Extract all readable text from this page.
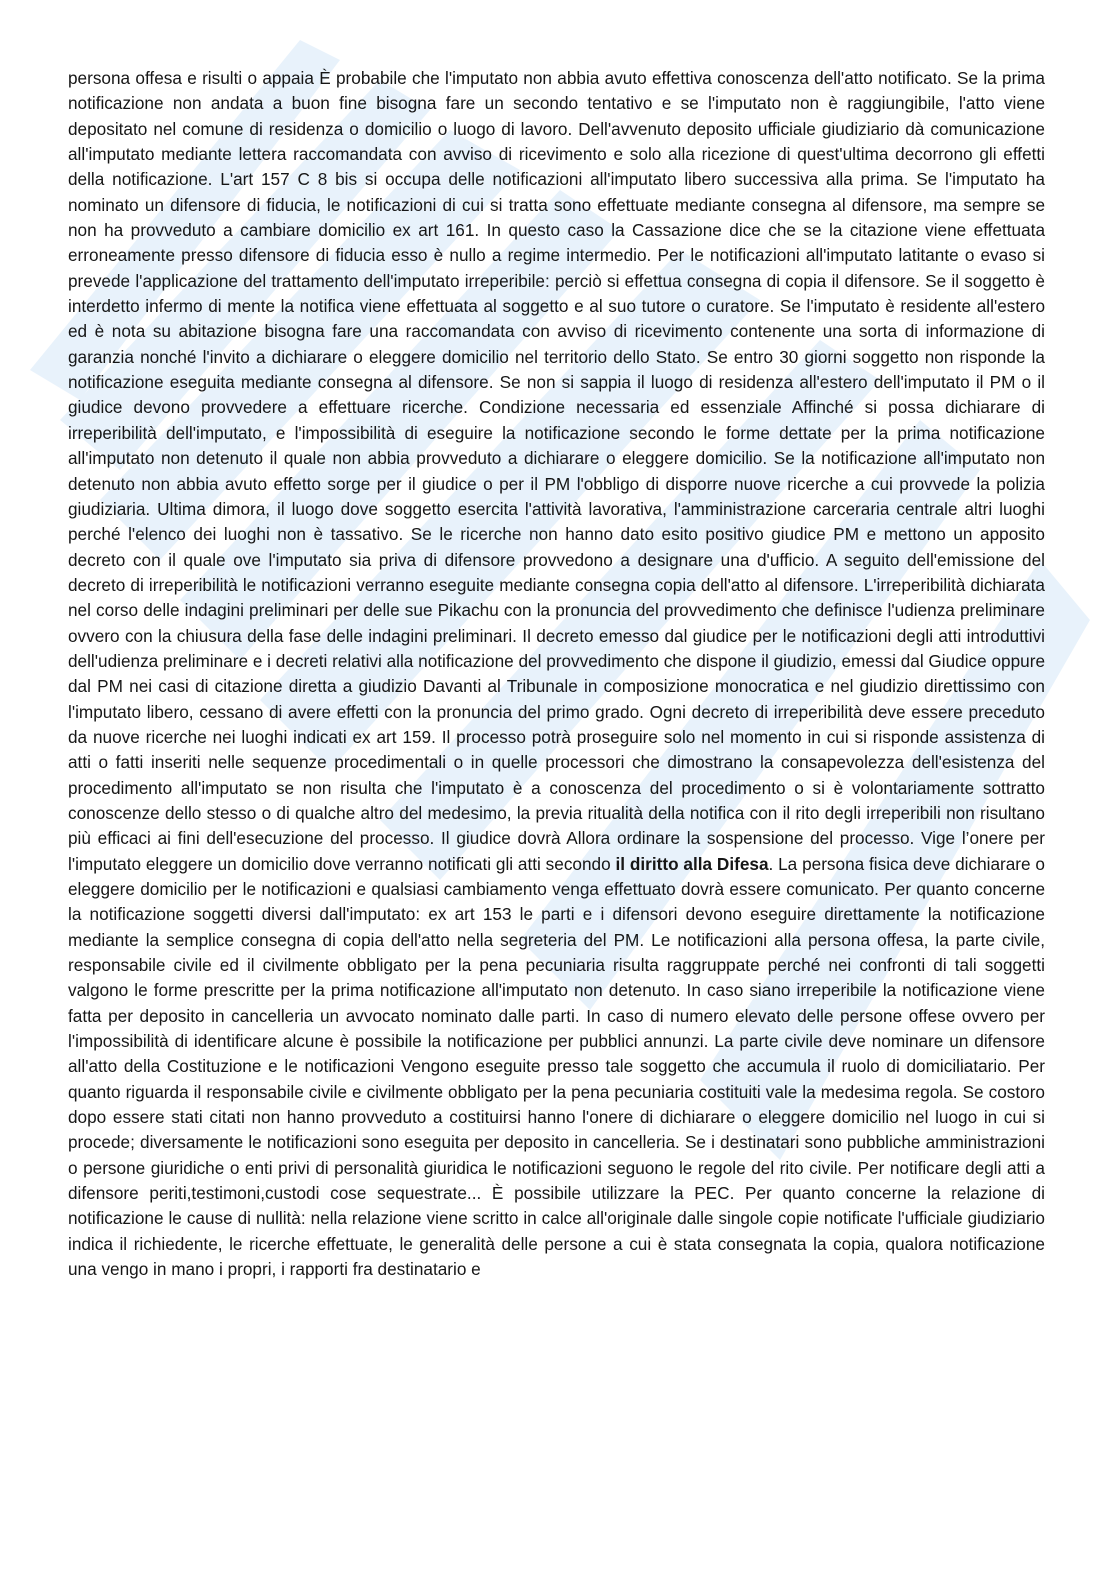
persona offesa e risulti o appaia È probabile che l'imputato non abbia avuto effettiva conoscenza dell'atto notificato. Se la prima notificazione non andata a buon fine bisogna fare un secondo tentativo e se l'imputato non è raggiungibile, l'atto viene depositato nel comune di residenza o domicilio o luogo di lavoro. Dell'avvenuto deposito ufficiale giudiziario dà comunicazione all'imputato mediante lettera raccomandata con avviso di ricevimento e solo alla ricezione di quest'ultima decorrono gli effetti della notificazione. L'art 157 C 8 bis si occupa delle notificazioni all'imputato libero successiva alla prima. Se l'imputato ha nominato un difensore di fiducia, le notificazioni di cui si tratta sono effettuate mediante consegna al difensore, ma sempre se non ha provveduto a cambiare domicilio ex art 161. In questo caso la Cassazione dice che se la citazione viene effettuata erroneamente presso difensore di fiducia esso è nullo a regime intermedio. Per le notificazioni all'imputato latitante o evaso si prevede l'applicazione del trattamento dell'imputato irreperibile: perciò si effettua consegna di copia il difensore. Se il soggetto è interdetto infermo di mente la notifica viene effettuata al soggetto e al suo tutore o curatore. Se l'imputato è residente all'estero ed è nota su abitazione bisogna fare una raccomandata con avviso di ricevimento contenente una sorta di informazione di garanzia nonché l'invito a dichiarare o eleggere domicilio nel territorio dello Stato. Se entro 30 giorni soggetto non risponde la notificazione eseguita mediante consegna al difensore. Se non si sappia il luogo di residenza all'estero dell'imputato il PM o il giudice devono provvedere a effettuare ricerche. Condizione necessaria ed essenziale Affinché si possa dichiarare di irreperibilità dell'imputato, e l'impossibilità di eseguire la notificazione secondo le forme dettate per la prima notificazione all'imputato non detenuto il quale non abbia provveduto a dichiarare o eleggere domicilio. Se la notificazione all'imputato non detenuto non abbia avuto effetto sorge per il giudice o per il PM l'obbligo di disporre nuove ricerche a cui provvede la polizia giudiziaria. Ultima dimora, il luogo dove soggetto esercita l'attività lavorativa, l'amministrazione carceraria centrale altri luoghi perché l'elenco dei luoghi non è tassativo. Se le ricerche non hanno dato esito positivo giudice PM e mettono un apposito decreto con il quale ove l'imputato sia priva di difensore provvedono a designare una d'ufficio. A seguito dell'emissione del decreto di irreperibilità le notificazioni verranno eseguite mediante consegna copia dell'atto al difensore. L'irreperibilità dichiarata nel corso delle indagini preliminari per delle sue Pikachu con la pronuncia del provvedimento che definisce l'udienza preliminare ovvero con la chiusura della fase delle indagini preliminari. Il decreto emesso dal giudice per le notificazioni degli atti introduttivi dell'udienza preliminare e i decreti relativi alla notificazione del provvedimento che dispone il giudizio, emessi dal Giudice oppure dal PM nei casi di citazione diretta a giudizio Davanti al Tribunale in composizione monocratica e nel giudizio direttissimo con l'imputato libero, cessano di avere effetti con la pronuncia del primo grado. Ogni decreto di irreperibilità deve essere preceduto da nuove ricerche nei luoghi indicati ex art 159. Il processo potrà proseguire solo nel momento in cui si risponde assistenza di atti o fatti inseriti nelle sequenze procedimentali o in quelle processori che dimostrano la consapevolezza dell'esistenza del procedimento all'imputato se non risulta che l'imputato è a conoscenza del procedimento o si è volontariamente sottratto conoscenze dello stesso o di qualche altro del medesimo, la previa ritualità della notifica con il rito degli irreperibili non risultano più efficaci ai fini dell'esecuzione del processo. Il giudice dovrà Allora ordinare la sospensione del processo. Vige l’onere per l'imputato eleggere un domicilio dove verranno notificati gli atti secondo il diritto alla Difesa. La persona fisica deve dichiarare o eleggere domicilio per le notificazioni e qualsiasi cambiamento venga effettuato dovrà essere comunicato. Per quanto concerne la notificazione soggetti diversi dall'imputato: ex art 153 le parti e i difensori devono eseguire direttamente la notificazione mediante la semplice consegna di copia dell'atto nella segreteria del PM. Le notificazioni alla persona offesa, la parte civile, responsabile civile ed il civilmente obbligato per la pena pecuniaria risulta raggruppate perché nei confronti di tali soggetti valgono le forme prescritte per la prima notificazione all'imputato non detenuto. In caso siano irreperibile la notificazione viene fatta per deposito in cancelleria un avvocato nominato dalle parti. In caso di numero elevato delle persone offese ovvero per l'impossibilità di identificare alcune è possibile la notificazione per pubblici annunzi. La parte civile deve nominare un difensore all'atto della Costituzione e le notificazioni Vengono eseguite presso tale soggetto che accumula il ruolo di domiciliatario. Per quanto riguarda il responsabile civile e civilmente obbligato per la pena pecuniaria costituiti vale la medesima regola. Se costoro dopo essere stati citati non hanno provveduto a costituirsi hanno l'onere di dichiarare o eleggere domicilio nel luogo in cui si procede; diversamente le notificazioni sono eseguita per deposito in cancelleria. Se i destinatari sono pubbliche amministrazioni o persone giuridiche o enti privi di personalità giuridica le notificazioni seguono le regole del rito civile. Per notificare degli atti a difensore periti,testimoni,custodi cose sequestrate... È possibile utilizzare la PEC. Per quanto concerne la relazione di notificazione le cause di nullità: nella relazione viene scritto in calce all'originale dalle singole copie notificate l'ufficiale giudiziario indica il richiedente, le ricerche effettuate, le generalità delle persone a cui è stata consegnata la copia, qualora notificazione una vengo in mano i propri, i rapporti fra destinatario e
